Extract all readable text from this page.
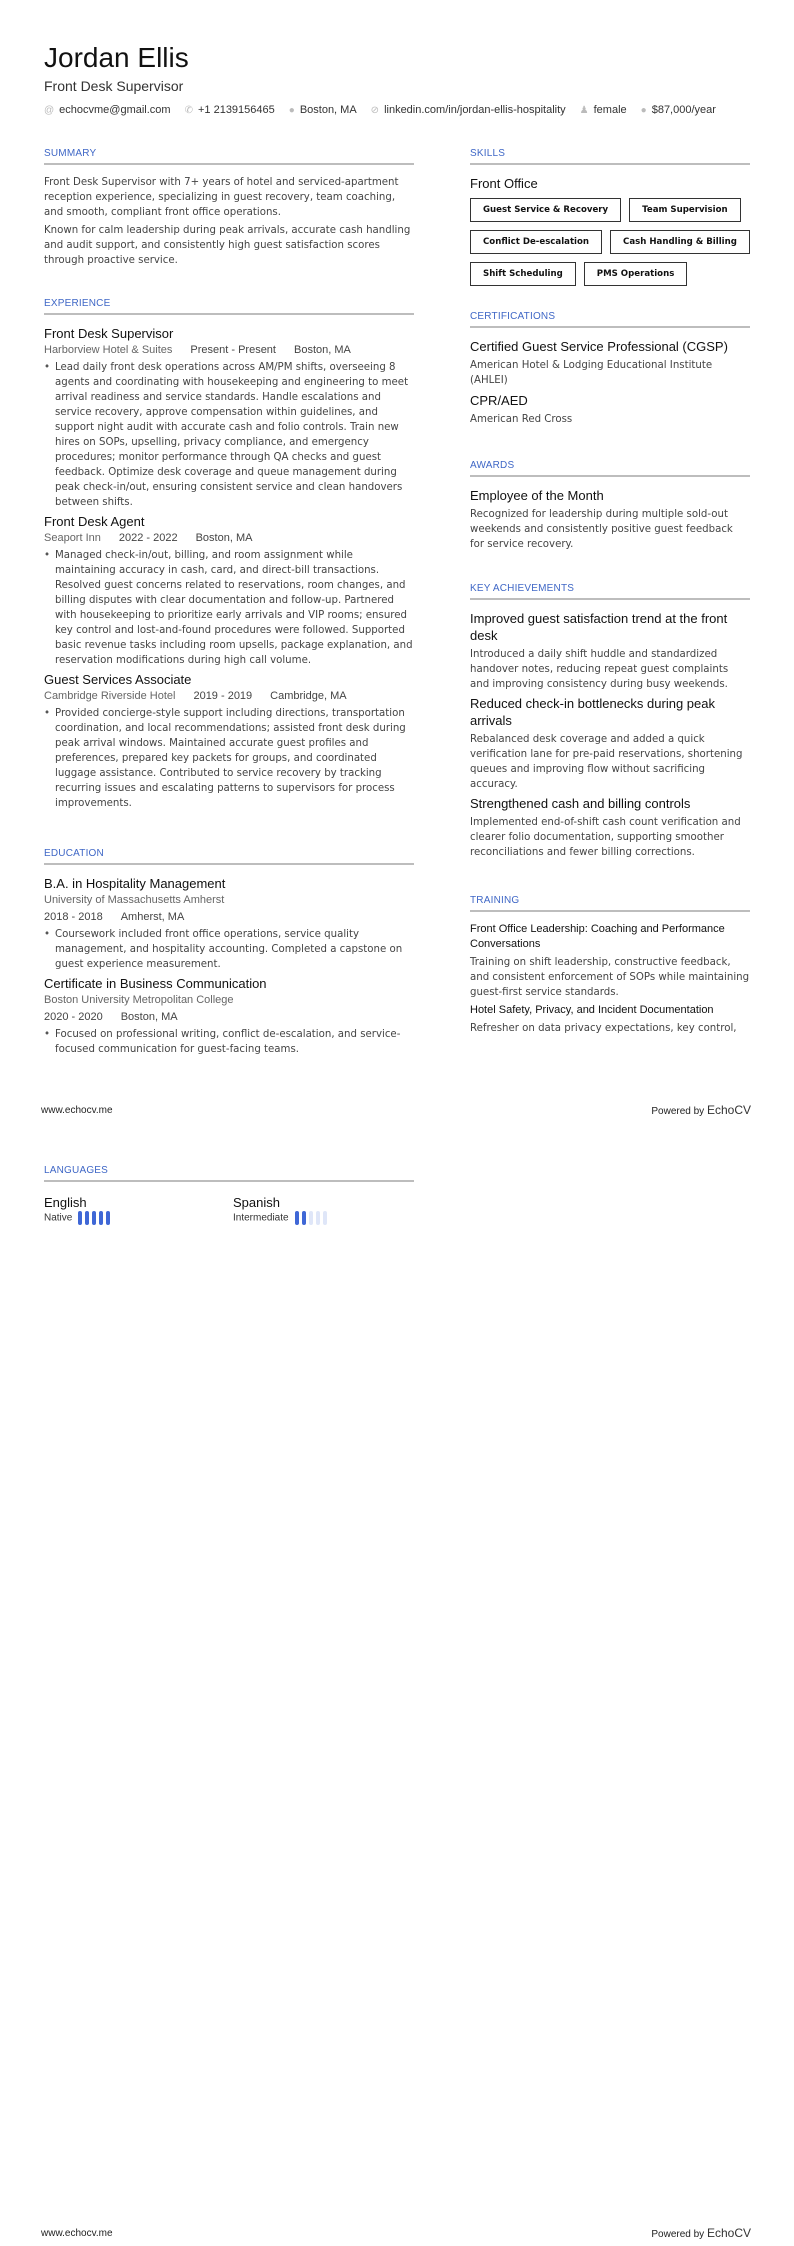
Jordan Ellis
Front Desk Supervisor
@ echocvme@gmail.com ✆ +1 2139156465 ● Boston, MA ⊘ linkedin.com/in/jordan-ellis-hospitality ♟ female ● $87,000/year
SUMMARY

Front Desk Supervisor with 7+ years of hotel and serviced-apartment reception experience, specializing in guest recovery, team coaching, and smooth, compliant front office operations.

Known for calm leadership during peak arrivals, accurate cash handling and audit support, and consistently high guest satisfaction scores through proactive service.

EXPERIENCE
Front Desk Supervisor
Harborview Hotel & Suites Present - Present Boston, MA
• Lead daily front desk operations across AM/PM shifts, overseeing 8 agents and coordinating with housekeeping and engineering to meet arrival readiness and service standards. Handle escalations and service recovery, approve compensation within guidelines, and support night audit with accurate cash and folio controls. Train new hires on SOPs, upselling, privacy compliance, and emergency procedures; monitor performance through QA checks and guest feedback. Optimize desk coverage and queue management during peak check-in/out, ensuring consistent service and clean handovers between shifts.
Front Desk Agent
Seaport Inn 2022 - 2022 Boston, MA
• Managed check-in/out, billing, and room assignment while maintaining accuracy in cash, card, and direct-bill transactions. Resolved guest concerns related to reservations, room changes, and billing disputes with clear documentation and follow-up. Partnered with housekeeping to prioritize early arrivals and VIP rooms; ensured key control and lost-and-found procedures were followed. Supported basic revenue tasks including room upsells, package explanation, and reservation modifications during high call volume.
Guest Services Associate
Cambridge Riverside Hotel 2019 - 2019 Cambridge, MA
• Provided concierge-style support including directions, transportation coordination, and local recommendations; assisted front desk during peak arrival windows. Maintained accurate guest profiles and preferences, prepared key packets for groups, and coordinated luggage assistance. Contributed to service recovery by tracking recurring issues and escalating patterns to supervisors for process improvements.
EDUCATION
B.A. in Hospitality Management
University of Massachusetts Amherst
2018 - 2018 Amherst, MA
• Coursework included front office operations, service quality management, and hospitality accounting. Completed a capstone on guest experience measurement.
Certificate in Business Communication
Boston University Metropolitan College
2020 - 2020 Boston, MA
• Focused on professional writing, conflict de-escalation, and service-focused communication for guest-facing teams.
SKILLS
Front Office
Guest Service & Recovery	Team Supervision
Conflict De-escalation	Cash Handling & Billing
Shift Scheduling	PMS Operations
CERTIFICATIONS
Certified Guest Service Professional (CGSP)

American Hotel & Lodging Educational Institute (AHLEI)

CPR/AED

American Red Cross

AWARDS
Employee of the Month

Recognized for leadership during multiple sold-out weekends and consistently positive guest feedback for service recovery.

KEY ACHIEVEMENTS
Improved guest satisfaction trend at the front desk

Introduced a daily shift huddle and standardized handover notes, reducing repeat guest complaints and improving consistency during busy weekends.

Reduced check-in bottlenecks during peak arrivals

Rebalanced desk coverage and added a quick verification lane for pre-paid reservations, shortening queues and improving flow without sacrificing accuracy.

Strengthened cash and billing controls

Implemented end-of-shift cash count verification and clearer folio documentation, supporting smoother reconciliations and fewer billing corrections.

TRAINING
Front Office Leadership: Coaching and Performance Conversations

Training on shift leadership, constructive feedback, and consistent enforcement of SOPs while maintaining guest-first service standards.

Hotel Safety, Privacy, and Incident Documentation

Refresher on data privacy expectations, key control,

www.echocv.me	Powered by EchoCV
LANGUAGES
English
Native
Spanish
Intermediate
www.echocv.me	Powered by EchoCV
